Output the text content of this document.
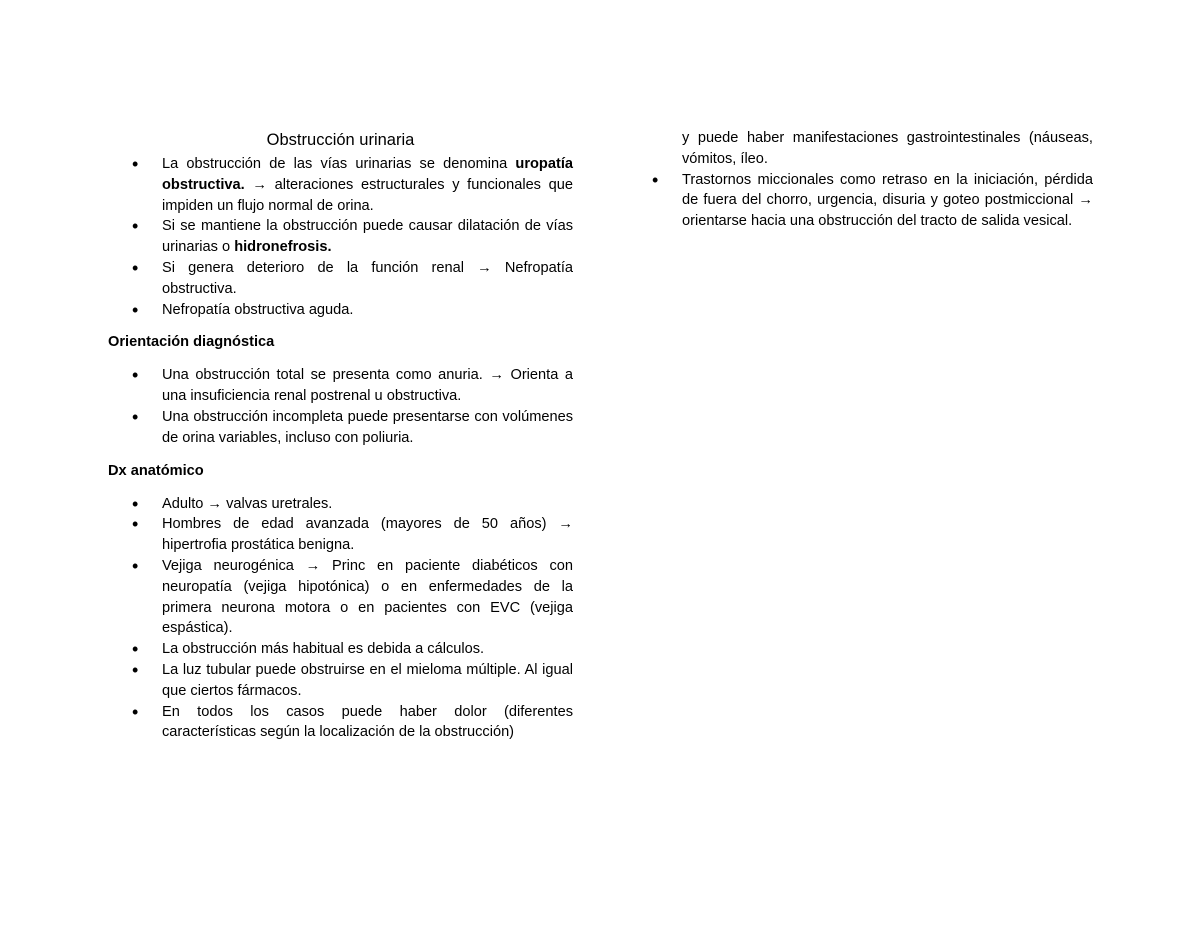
Obstrucción urinaria
• La obstrucción de las vías urinarias se denomina uropatía obstructiva. → alteraciones estructurales y funcionales que impiden un flujo normal de orina.
• Si se mantiene la obstrucción puede causar dilatación de vías urinarias o hidronefrosis.
• Si genera deterioro de la función renal → Nefropatía obstructiva.
• Nefropatía obstructiva aguda.
Orientación diagnóstica
• Una obstrucción total se presenta como anuria. → Orienta a una insuficiencia renal postrenal u obstructiva.
• Una obstrucción incompleta puede presentarse con volúmenes de orina variables, incluso con poliuria.
Dx anatómico
• Adulto → valvas uretrales.
• Hombres de edad avanzada (mayores de 50 años) → hipertrofia prostática benigna.
• Vejiga neurogénica → Princ en paciente diabéticos con neuropatía (vejiga hipotónica) o en enfermedades de la primera neurona motora o en pacientes con EVC (vejiga espástica).
• La obstrucción más habitual es debida a cálculos.
• La luz tubular puede obstruirse en el mieloma múltiple. Al igual que ciertos fármacos.
• En todos los casos puede haber dolor (diferentes características según la localización de la obstrucción)

y puede haber manifestaciones gastrointestinales (náuseas, vómitos, íleo.

• Trastornos miccionales como retraso en la iniciación, pérdida de fuera del chorro, urgencia, disuria y goteo postmiccional → orientarse hacia una obstrucción del tracto de salida vesical.
